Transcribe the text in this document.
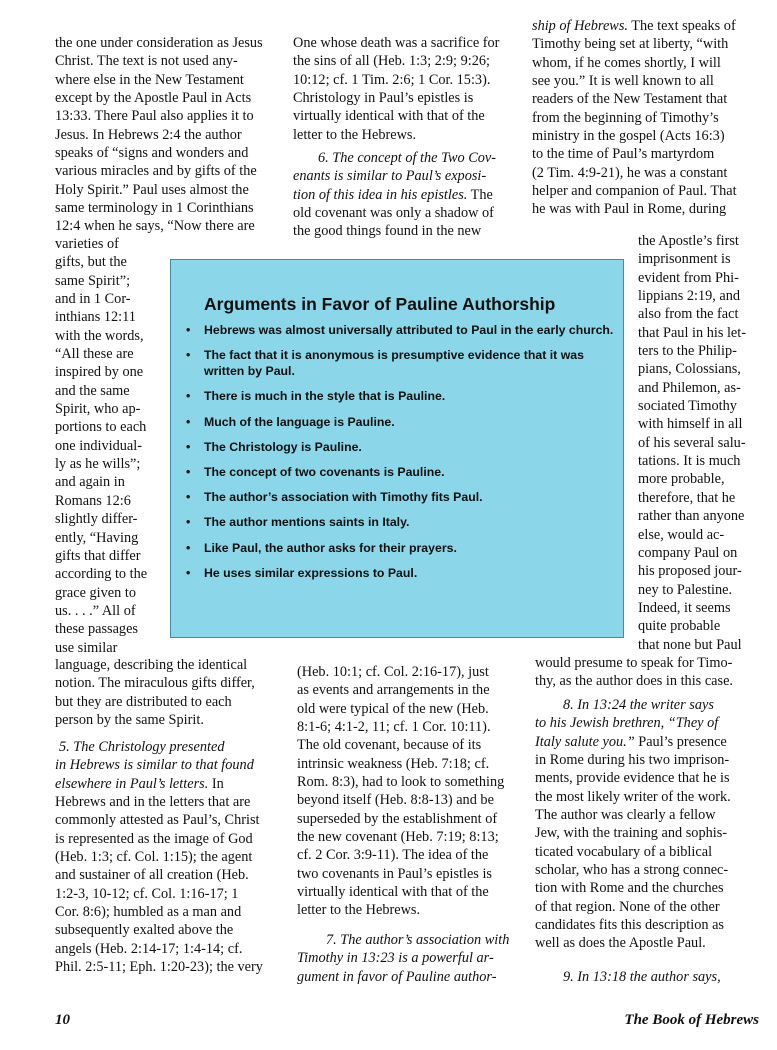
the one under consideration as Jesus
Christ. The text is not used any-
where else in the New Testament
except by the Apostle Paul in Acts
13:33. There Paul also applies it to
Jesus. In Hebrews 2:4 the author
speaks of “signs and wonders and
various miracles and by gifts of the
Holy Spirit.” Paul uses almost the
same terminology in 1 Corinthians
12:4 when he says, “Now there are

varieties of
gifts, but the
same Spirit”;
and in 1 Cor-
inthians 12:11
with the words,
“All these are
inspired by one
and the same
Spirit, who ap-
portions to each
one individual-
ly as he wills”;
and again in
Romans 12:6
slightly differ-
ently, “Having
gifts that differ
according to the
grace given to
us. . . .” All of
these passages
use similar

language, describing the identical
notion. The miraculous gifts differ,
but they are distributed to each
person by the same Spirit.

5. The Christology presented
in Hebrews is similar to that found
elsewhere in Paul’s letters. In
Hebrews and in the letters that are
commonly attested as Paul’s, Christ
is represented as the image of God
(Heb. 1:3; cf. Col. 1:15); the agent
and sustainer of all creation (Heb.
1:2-3, 10-12; cf. Col. 1:16-17; 1
Cor. 8:6); humbled as a man and
subsequently exalted above the
angels (Heb. 2:14-17; 1:4-14; cf.
Phil. 2:5-11; Eph. 1:20-23); the very

One whose death was a sacrifice for
the sins of all (Heb. 1:3; 2:9; 9:26;
10:12; cf. 1 Tim. 2:6; 1 Cor. 15:3).
Christology in Paul’s epistles is
virtually identical with that of the
letter to the Hebrews.

6. The concept of the Two Cov-
enants is similar to Paul’s exposi-
tion of this idea in his epistles. The
old covenant was only a shadow of
the good things found in the new

(Heb. 10:1; cf. Col. 2:16-17), just
as events and arrangements in the
old were typical of the new (Heb.
8:1-6; 4:1-2, 11; cf. 1 Cor. 10:11).
The old covenant, because of its
intrinsic weakness (Heb. 7:18; cf.
Rom. 8:3), had to look to something
beyond itself (Heb. 8:8-13) and be
superseded by the establishment of
the new covenant (Heb. 7:19; 8:13;
cf. 2 Cor. 3:9-11). The idea of the
two covenants in Paul’s epistles is
virtually identical with that of the
letter to the Hebrews.

7. The author’s association with
Timothy in 13:23 is a powerful ar-
gument in favor of Pauline author-

ship of Hebrews. The text speaks of
Timothy being set at liberty, “with
whom, if he comes shortly, I will
see you.” It is well known to all
readers of the New Testament that
from the beginning of Timothy’s
ministry in the gospel (Acts 16:3)
to the time of Paul’s martyrdom
(2 Tim. 4:9-21), he was a constant
helper and companion of Paul. That
he was with Paul in Rome, during

the Apostle’s first
imprisonment is
evident from Phi-
lippians 2:19, and
also from the fact
that Paul in his let-
ters to the Philip-
pians, Colossians,
and Philemon, as-
sociated Timothy
with himself in all
of his several salu-
tations. It is much
more probable,
therefore, that he
rather than anyone
else, would ac-
company Paul on
his proposed jour-
ney to Palestine.
Indeed, it seems
quite probable
that none but Paul

would presume to speak for Timo-
thy, as the author does in this case.

8. In 13:24 the writer says
to his Jewish brethren, “They of
Italy salute you.” Paul’s presence
in Rome during his two imprison-
ments, provide evidence that he is
the most likely writer of the work.
The author was clearly a fellow
Jew, with the training and sophis-
ticated vocabulary of a biblical
scholar, who has a strong connec-
tion with Rome and the churches
of that region. None of the other
candidates fits this description as
well as does the Apostle Paul.

9. In 13:18 the author says,

Arguments in Favor of Pauline Authorship
• Hebrews was almost universally attributed to Paul in the early church.
• The fact that it is anonymous is presumptive evidence that it was written by Paul.
• There is much in the style that is Pauline.
• Much of the language is Pauline.
• The Christology is Pauline.
• The concept of two covenants is Pauline.
• The author’s association with Timothy fits Paul.
• The author mentions saints in Italy.
• Like Paul, the author asks for their prayers.
• He uses similar expressions to Paul.
10	The Book of Hebrews
